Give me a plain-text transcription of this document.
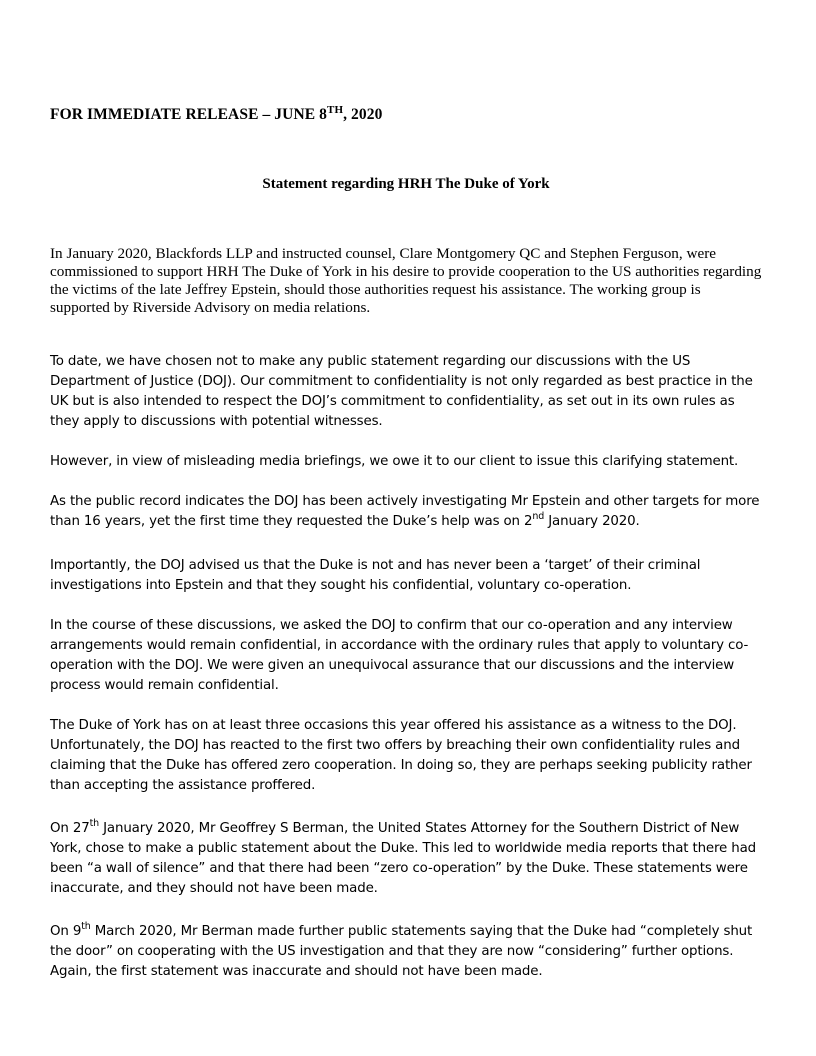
FOR IMMEDIATE RELEASE – JUNE 8TH, 2020
Statement regarding HRH The Duke of York

In January 2020, Blackfords LLP and instructed counsel, Clare Montgomery QC and Stephen Ferguson, were commissioned to support HRH The Duke of York in his desire to provide cooperation to the US authorities regarding the victims of the late Jeffrey Epstein, should those authorities request his assistance. The working group is supported by Riverside Advisory on media relations.

To date, we have chosen not to make any public statement regarding our discussions with the US Department of Justice (DOJ). Our commitment to confidentiality is not only regarded as best practice in the UK but is also intended to respect the DOJ’s commitment to confidentiality, as set out in its own rules as they apply to discussions with potential witnesses.

However, in view of misleading media briefings, we owe it to our client to issue this clarifying statement.

As the public record indicates the DOJ has been actively investigating Mr Epstein and other targets for more than 16 years, yet the first time they requested the Duke’s help was on 2nd January 2020.

Importantly, the DOJ advised us that the Duke is not and has never been a ‘target’ of their criminal investigations into Epstein and that they sought his confidential, voluntary co-operation.

In the course of these discussions, we asked the DOJ to confirm that our co-operation and any interview arrangements would remain confidential, in accordance with the ordinary rules that apply to voluntary co-operation with the DOJ. We were given an unequivocal assurance that our discussions and the interview process would remain confidential.

The Duke of York has on at least three occasions this year offered his assistance as a witness to the DOJ. Unfortunately, the DOJ has reacted to the first two offers by breaching their own confidentiality rules and claiming that the Duke has offered zero cooperation. In doing so, they are perhaps seeking publicity rather than accepting the assistance proffered.

On 27th January 2020, Mr Geoffrey S Berman, the United States Attorney for the Southern District of New York, chose to make a public statement about the Duke. This led to worldwide media reports that there had been “a wall of silence” and that there had been “zero co-operation” by the Duke. These statements were inaccurate, and they should not have been made.

On 9th March 2020, Mr Berman made further public statements saying that the Duke had “completely shut the door” on cooperating with the US investigation and that they are now “considering” further options. Again, the first statement was inaccurate and should not have been made.
